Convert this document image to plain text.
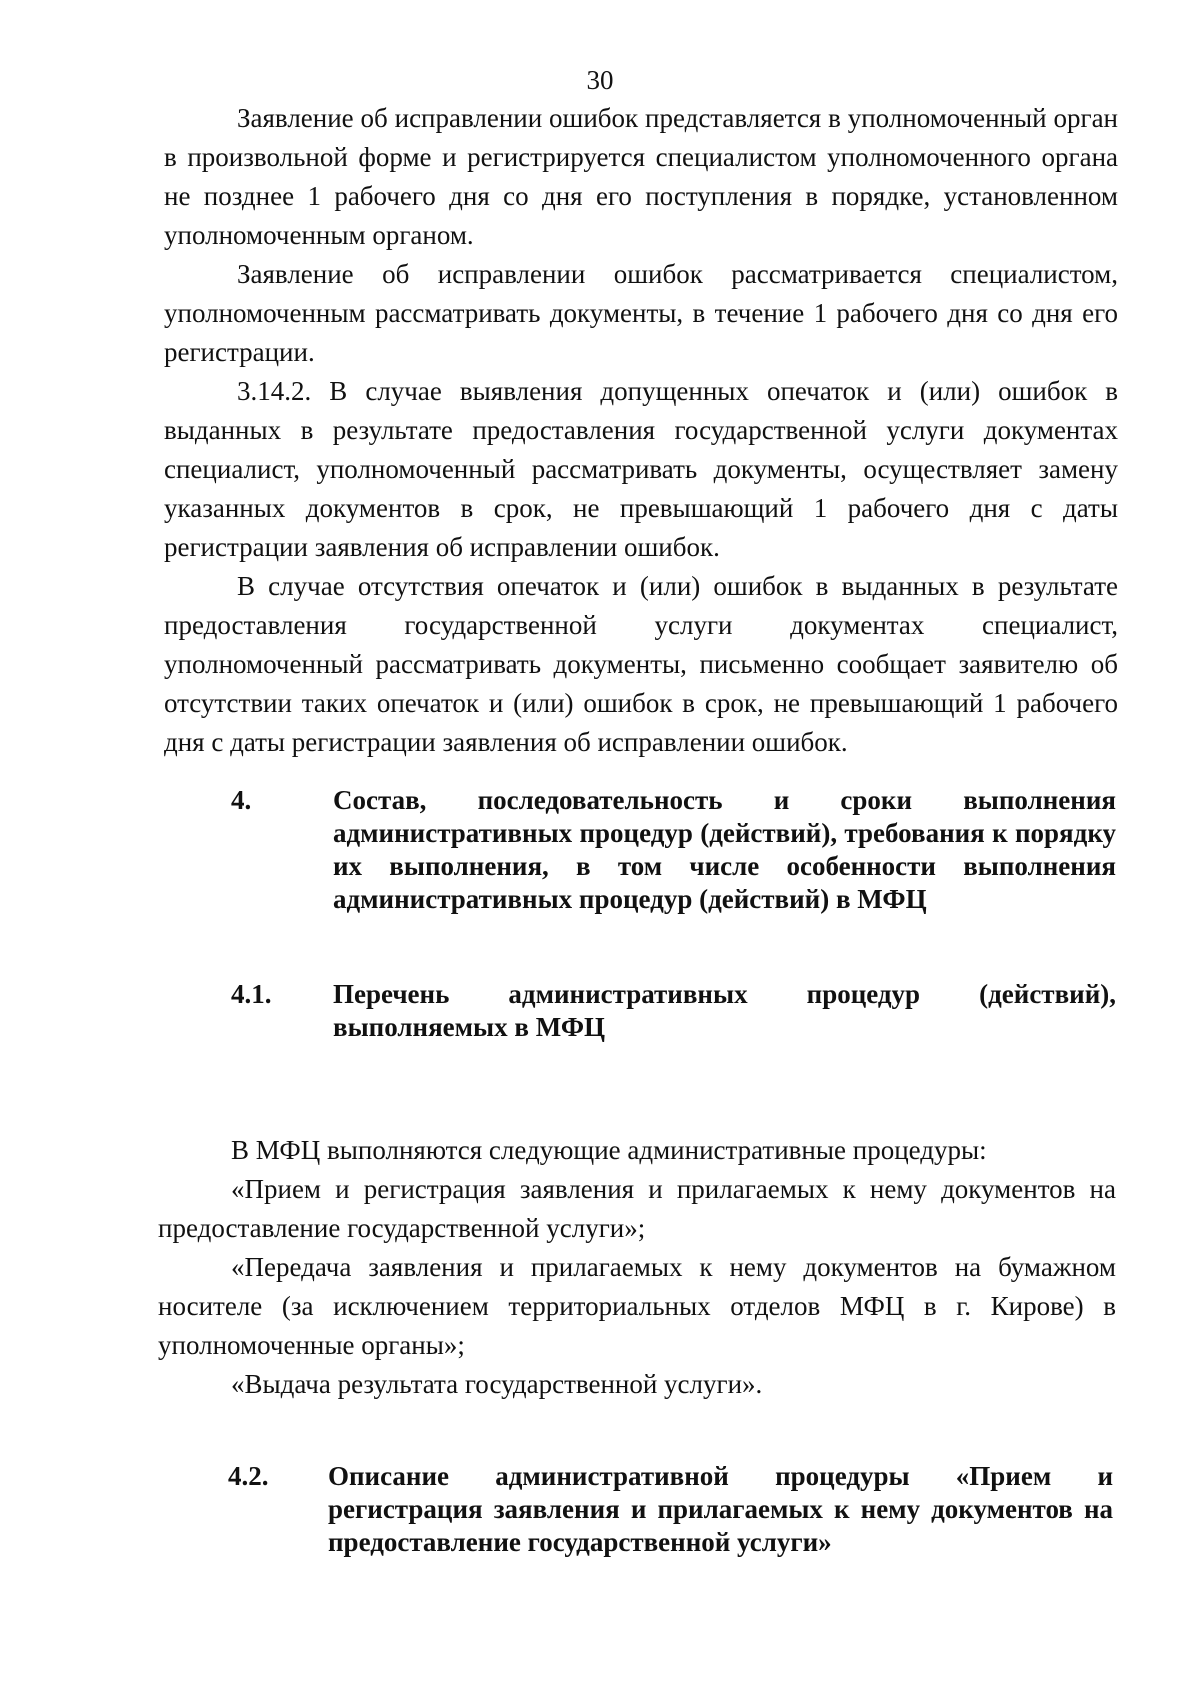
30

Заявление об исправлении ошибок представляется в уполномоченный орган в произвольной форме и регистрируется специалистом уполномоченного органа не позднее 1 рабочего дня со дня его поступления в порядке, установленном уполномоченным органом.

Заявление об исправлении ошибок рассматривается специалистом, уполномоченным рассматривать документы, в течение 1 рабочего дня со дня его регистрации.

3.14.2. В случае выявления допущенных опечаток и (или) ошибок в выданных в результате предоставления государственной услуги документах специалист, уполномоченный рассматривать документы, осуществляет замену указанных документов в срок, не превышающий 1 рабочего дня с даты регистрации заявления об исправлении ошибок.

В случае отсутствия опечаток и (или) ошибок в выданных в результате предоставления государственной услуги документах специалист, уполномоченный рассматривать документы, письменно сообщает заявителю об отсутствии таких опечаток и (или) ошибок в срок, не превышающий 1 рабочего дня с даты регистрации заявления об исправлении ошибок.

4.	Состав, последовательность и сроки выполнения административных процедур (действий), требования к порядку их выполнения, в том числе особенности выполнения административных процедур (действий) в МФЦ
4.1.	Перечень административных процедур (действий), выполняемых в МФЦ

В МФЦ выполняются следующие административные процедуры:

«Прием и регистрация заявления и прилагаемых к нему документов на предоставление государственной услуги»;

«Передача заявления и прилагаемых к нему документов на бумажном носителе (за исключением территориальных отделов МФЦ в г. Кирове) в уполномоченные органы»;

«Выдача результата государственной услуги».

4.2.	Описание административной процедуры «Прием и регистрация заявления и прилагаемых к нему документов на предоставление государственной услуги»
